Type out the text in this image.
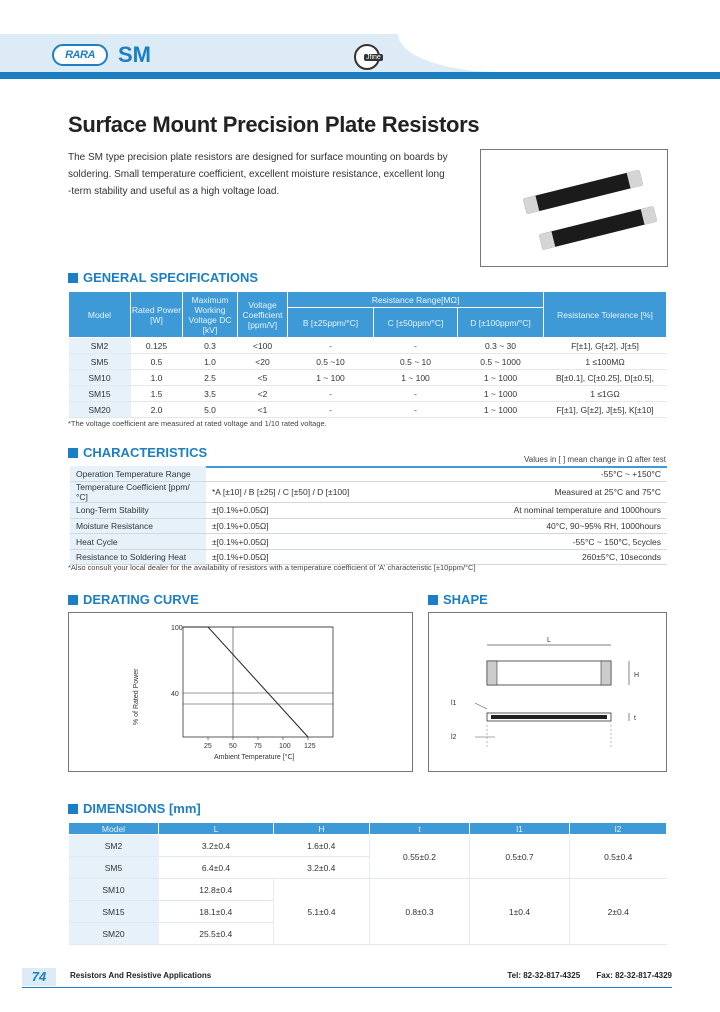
RARA	SM	Jfine
Surface Mount Precision Plate Resistors
The SM type precision plate resistors are designed for surface mounting on boards by
soldering. Small temperature coefficient, excellent moisture resistance, excellent long
-term stability and useful as a high voltage load.
GENERAL SPECIFICATIONS
Model	Rated Power [W]	Maximum Working Voltage DC [kV]	Voltage Coefficient [ppm/V]	Resistance Range[MΩ]			Resistance Tolerance [%]
				B [±25ppm/°C]	C [±50ppm/°C]	D [±100ppm/°C]	
SM2	0.125	0.3	<100	-	-	0.3 ~ 30	F[±1], G[±2], J[±5]
SM5	0.5	1.0	<20	0.5 ~10	0.5 ~ 10	0.5 ~ 1000	1 ≤100MΩ
SM10	1.0	2.5	<5	1 ~ 100	1 ~ 100	1 ~ 1000	B[±0.1], C[±0.25], D[±0.5],
SM15	1.5	3.5	<2	-	-	1 ~ 1000	1 ≤1GΩ
SM20	2.0	5.0	<1	-	-	1 ~ 1000	F[±1], G[±2], J[±5], K[±10]
*The voltage coefficient are measured at rated voltage and 1/10 rated voltage.
CHARACTERISTICS	Values in [ ] mean change in Ω after test
Operation Temperature Range		-55°C ~ +150°C
Temperature Coefficient [ppm/°C]	*A [±10] / B [±25] / C [±50] / D [±100]	Measured at 25°C and 75°C
Long-Term Stability	±[0.1%+0.05Ω]	At nominal temperature and 1000hours
Moisture Resistance	±[0.1%+0.05Ω]	40°C, 90~95% RH, 1000hours
Heat Cycle	±[0.1%+0.05Ω]	-55°C ~ 150°C, 5cycles
Resistance to Soldering Heat	±[0.1%+0.05Ω]	260±5°C, 10seconds
*Also consult your local dealer for the availability of resistors with a temperature coefficient of 'A' characteristic [±10ppm/°C]
DERATING CURVE
% of Rated Power
Ambient Temperature [°C]
100
40
25 50 75 100 125
SHAPE
L
H
t
l1
l2
DIMENSIONS [mm]
Model	L	H	t	l1	l2
SM2	3.2±0.4	1.6±0.4	0.55±0.2	0.5±0.7	0.5±0.4
SM5	6.4±0.4	3.2±0.4			
SM10	12.8±0.4	5.1±0.4	0.8±0.3	1±0.4	2±0.4
SM15	18.1±0.4				
SM20	25.5±0.4				
74	Resistors And Resistive Applications	Tel: 82-32-817-4325 Fax: 82-32-817-4329
